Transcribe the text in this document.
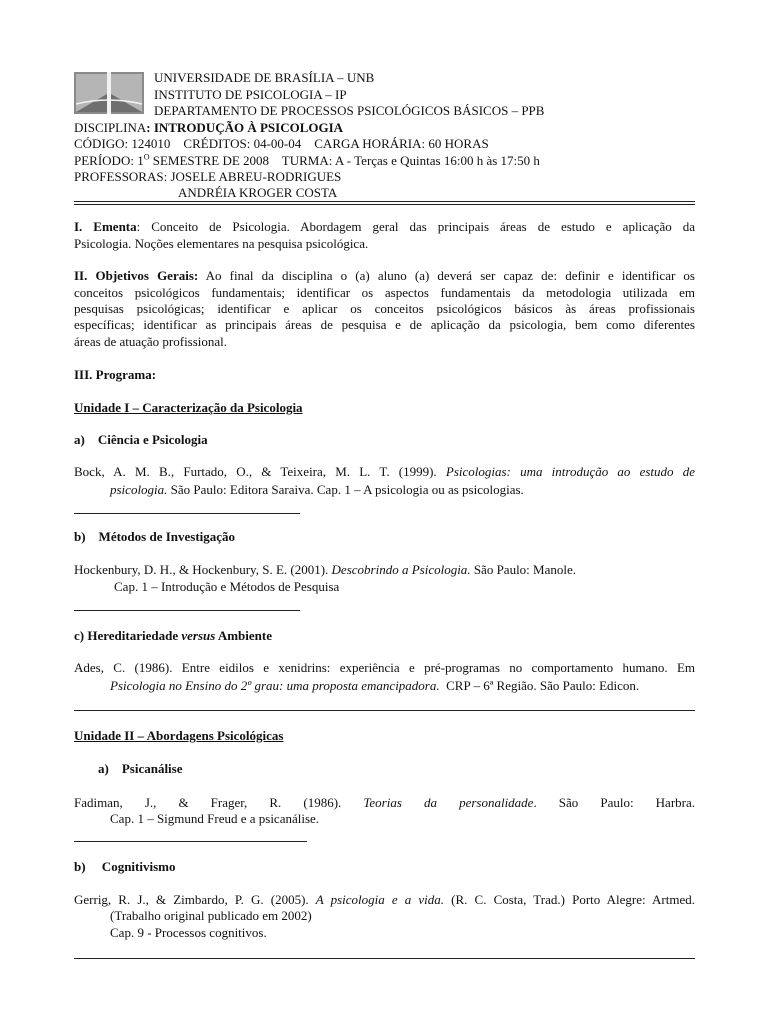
UNIVERSIDADE DE BRASÍLIA – UNB
INSTITUTO DE PSICOLOGIA – IP
DEPARTAMENTO DE PROCESSOS PSICOLÓGICOS BÁSICOS – PPB
DISCIPLINA: INTRODUÇÃO À PSICOLOGIA
CÓDIGO: 124010    CRÉDITOS: 04-00-04    CARGA HORÁRIA: 60 HORAS
PERÍODO: $1^O$ SEMESTRE DE 2008    TURMA: A - Terças e Quintas 16:00 h às 17:50 h
PROFESSORAS: JOSELE ABREU-RODRIGUES
ANDRÉIA KROGER COSTA
I. Ementa: Conceito de Psicologia. Abordagem geral das principais áreas de estudo e aplicação da
Psicologia. Noções elementares na pesquisa psicológica.
II. Objetivos Gerais: Ao final da disciplina o (a) aluno (a) deverá ser capaz de: definir e identificar os
conceitos psicológicos fundamentais; identificar os aspectos fundamentais da metodologia utilizada em
pesquisas psicológicas; identificar e aplicar os conceitos psicológicos básicos às áreas profissionais
específicas; identificar as principais áreas de pesquisa e de aplicação da psicologia, bem como diferentes
áreas de atuação profissional.
III. Programa:
Unidade I – Caracterização da Psicologia
a)    Ciência e Psicologia
Bock, A. M. B., Furtado, O., & Teixeira, M. L. T. (1999). Psicologias: uma introdução ao estudo de
psicologia. São Paulo: Editora Saraiva. Cap. 1 – A psicologia ou as psicologias.
b)    Métodos de Investigação
Hockenbury, D. H., & Hockenbury, S. E. (2001). Descobrindo a Psicologia. São Paulo: Manole.
Cap. 1 – Introdução e Métodos de Pesquisa
c) Hereditariedade versus Ambiente
Ades, C. (1986). Entre eidilos e xenidrins: experiência e pré-programas no comportamento humano. Em
Psicologia no Ensino do 2º grau: uma proposta emancipadora.  CRP – 6ª Região. São Paulo: Edicon.
Unidade II – Abordagens Psicológicas
a)    Psicanálise
Fadiman, J., & Frager, R. (1986). Teorias da personalidade. São Paulo: Harbra.
Cap. 1 – Sigmund Freud e a psicanálise.
b)     Cognitivismo
Gerrig, R. J., & Zimbardo, P. G. (2005). A psicologia e a vida. (R. C. Costa, Trad.) Porto Alegre: Artmed.
(Trabalho original publicado em 2002)
Cap. 9 - Processos cognitivos.
